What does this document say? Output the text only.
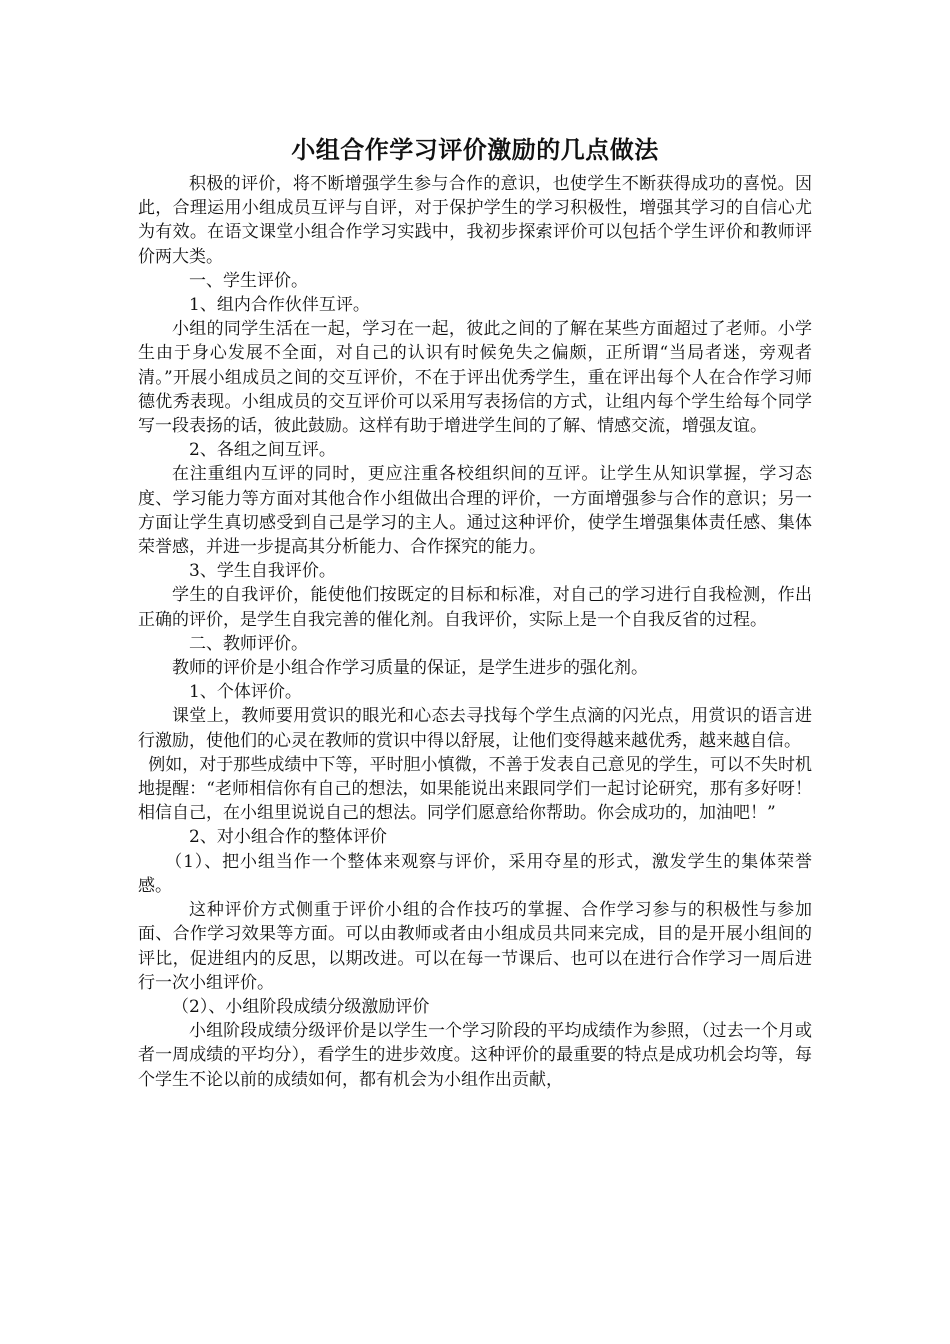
小组合作学习评价激励的几点做法

积极的评价，将不断增强学生参与合作的意识，也使学生不断获得成功的喜悦。因此，合理运用小组成员互评与自评，对于保护学生的学习积极性，增强其学习的自信心尤为有效。在语文课堂小组合作学习实践中，我初步探索评价可以包括个学生评价和教师评价两大类。

一、学生评价。

1、组内合作伙伴互评。

小组的同学生活在一起，学习在一起，彼此之间的了解在某些方面超过了老师。小学生由于身心发展不全面，对自己的认识有时候免失之偏颇，正所谓“当局者迷，旁观者清。”开展小组成员之间的交互评价，不在于评出优秀学生，重在评出每个人在合作学习师德优秀表现。小组成员的交互评价可以采用写表扬信的方式，让组内每个学生给每个同学写一段表扬的话，彼此鼓励。这样有助于增进学生间的了解、情感交流，增强友谊。

2、各组之间互评。

在注重组内互评的同时，更应注重各校组织间的互评。让学生从知识掌握，学习态度、学习能力等方面对其他合作小组做出合理的评价，一方面增强参与合作的意识；另一方面让学生真切感受到自己是学习的主人。通过这种评价，使学生增强集体责任感、集体荣誉感，并进一步提高其分析能力、合作探究的能力。

3、学生自我评价。

学生的自我评价，能使他们按既定的目标和标准，对自己的学习进行自我检测，作出正确的评价，是学生自我完善的催化剂。自我评价，实际上是一个自我反省的过程。

二、教师评价。

教师的评价是小组合作学习质量的保证，是学生进步的强化剂。

1、个体评价。

课堂上，教师要用赏识的眼光和心态去寻找每个学生点滴的闪光点，用赏识的语言进行激励，使他们的心灵在教师的赏识中得以舒展，让他们变得越来越优秀，越来越自信。

例如，对于那些成绩中下等，平时胆小慎微，不善于发表自己意见的学生，可以不失时机地提醒：“老师相信你有自己的想法，如果能说出来跟同学们一起讨论研究，那有多好呀！相信自己，在小组里说说自己的想法。同学们愿意给你帮助。你会成功的，加油吧！”

2、对小组合作的整体评价

（1）、把小组当作一个整体来观察与评价，采用夺星的形式，激发学生的集体荣誉感。

这种评价方式侧重于评价小组的合作技巧的掌握、合作学习参与的积极性与参加面、合作学习效果等方面。可以由教师或者由小组成员共同来完成，目的是开展小组间的评比，促进组内的反思，以期改进。可以在每一节课后、也可以在进行合作学习一周后进行一次小组评价。

（2）、小组阶段成绩分级激励评价

小组阶段成绩分级评价是以学生一个学习阶段的平均成绩作为参照，（过去一个月或者一周成绩的平均分），看学生的进步效度。这种评价的最重要的特点是成功机会均等，每个学生不论以前的成绩如何，都有机会为小组作出贡献，
